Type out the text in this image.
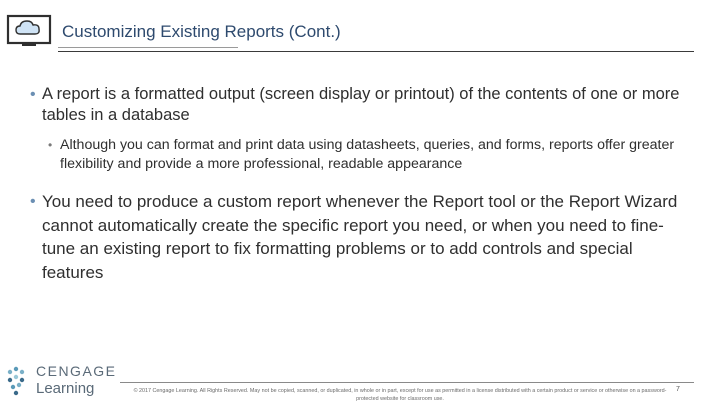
Customizing Existing Reports (Cont.)
• A report is a formatted output (screen display or printout) of the contents of one or more tables in a database
• Although you can format and print data using datasheets, queries, and forms, reports offer greater flexibility and provide a more professional, readable appearance
• You need to produce a custom report whenever the Report tool or the Report Wizard cannot automatically create the specific report you need, or when you need to fine-tune an existing report to fix formatting problems or to add controls and special features
CENGAGE
Learning	© 2017 Cengage Learning. All Rights Reserved. May not be copied, scanned, or duplicated, in whole or in part, except for use as permitted in a license distributed with a certain product or service or otherwise on a password-protected website for classroom use.
7
